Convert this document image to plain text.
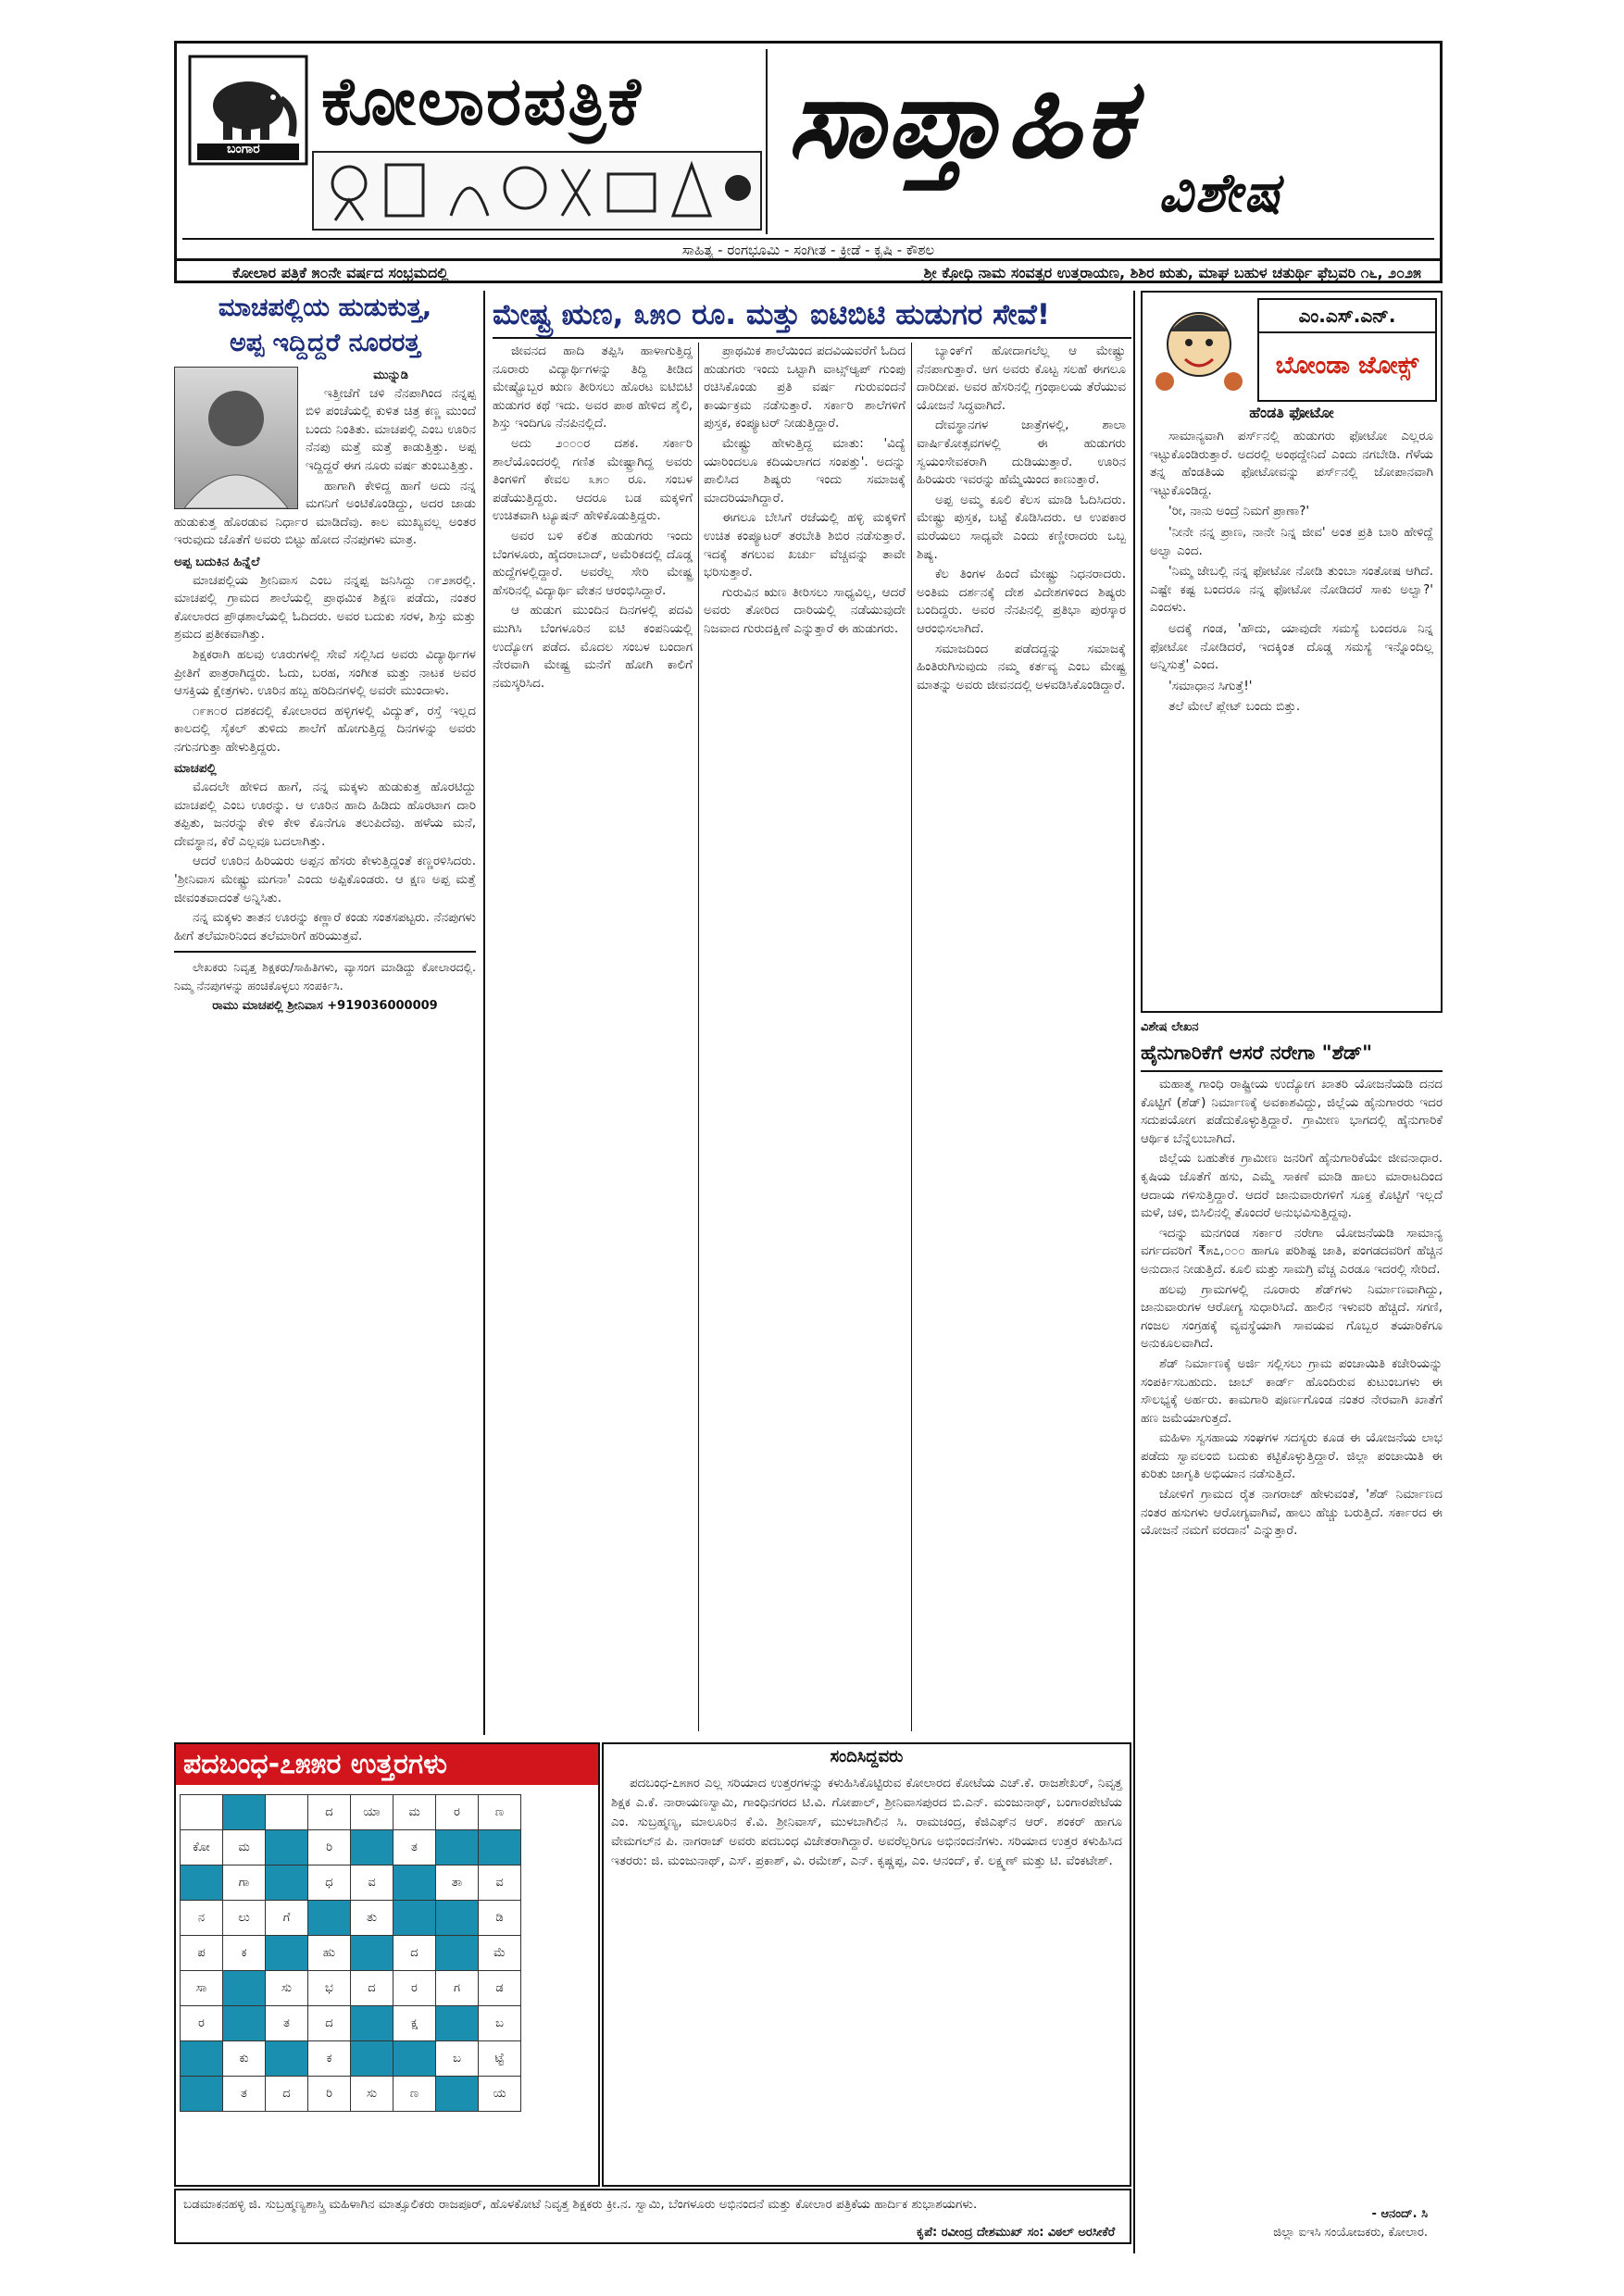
ಕೋಲಾರಪತ್ರಿಕೆ
ಬಂಗಾರ	ಸಾಪ್ತಾಹಿಕ
ವಿಶೇಷ
ಸಾಹಿತ್ಯ - ರಂಗಭೂಮಿ - ಸಂಗೀತ - ಕ್ರೀಡೆ - ಕೃಷಿ - ಕೌಶಲ
ಕೋಲಾರ ಪತ್ರಿಕೆ ೫೦ನೇ ವರ್ಷದ ಸಂಭ್ರಮದಲ್ಲಿ	ಶ್ರೀ ಕ್ರೋಧಿ ನಾಮ ಸಂವತ್ಸರ ಉತ್ತರಾಯಣ, ಶಿಶಿರ ಋತು, ಮಾಘ ಬಹುಳ ಚತುರ್ಥಿ ಫೆಬ್ರವರಿ ೧೬, ೨೦೨೫
ಮಾಚಪಲ್ಲಿಯ ಹುಡುಕುತ್ತ,
ಅಪ್ಪ ಇದ್ದಿದ್ದರೆ ನೂರರತ್ತ
ಮುನ್ನುಡಿ

ಇತ್ತೀಚೆಗೆ ಚಳಿ ನೆನಪಾಗಿಂದ ನನ್ನಪ್ಪ ಬಿಳಿ ಪಂಚೆಯಲ್ಲಿ ಕುಳಿತ ಚಿತ್ರ ಕಣ್ಣ ಮುಂದೆ ಬಂದು ನಿಂತಿತು. ಮಾಚಪಲ್ಲಿ ಎಂಬ ಊರಿನ ನೆನಪು ಮತ್ತೆ ಮತ್ತೆ ಕಾಡುತ್ತಿತ್ತು. ಅಪ್ಪ ಇದ್ದಿದ್ದರೆ ಈಗ ನೂರು ವರ್ಷ ತುಂಬುತ್ತಿತ್ತು.

ಹಾಗಾಗಿ ಕೇಳಿದ್ದ ಹಾಗೆ ಅದು ನನ್ನ ಮಗನಿಗೆ ಅಂಟಿಕೊಂಡಿದ್ದು, ಅದರ ಜಾಡು ಹುಡುಕುತ್ತ ಹೊರಡುವ ನಿರ್ಧಾರ ಮಾಡಿದೆವು. ಕಾಲ ಮುಖ್ಯವಲ್ಲ ಅಂತರ ಇರುವುದು ಜೊತೆಗೆ ಅವರು ಬಿಟ್ಟು ಹೋದ ನೆನಪುಗಳು ಮಾತ್ರ.

ಅಪ್ಪ ಬದುಕಿನ ಹಿನ್ನೆಲೆ

ಮಾಚಪಲ್ಲಿಯ ಶ್ರೀನಿವಾಸ ಎಂಬ ನನ್ನಪ್ಪ ಜನಿಸಿದ್ದು ೧೯೨೫ರಲ್ಲಿ. ಮಾಚಪಲ್ಲಿ ಗ್ರಾಮದ ಶಾಲೆಯಲ್ಲಿ ಪ್ರಾಥಮಿಕ ಶಿಕ್ಷಣ ಪಡೆದು, ನಂತರ ಕೋಲಾರದ ಪ್ರೌಢಶಾಲೆಯಲ್ಲಿ ಓದಿದರು. ಅವರ ಬದುಕು ಸರಳ, ಶಿಸ್ತು ಮತ್ತು ಶ್ರಮದ ಪ್ರತೀಕವಾಗಿತ್ತು.

ಶಿಕ್ಷಕರಾಗಿ ಹಲವು ಊರುಗಳಲ್ಲಿ ಸೇವೆ ಸಲ್ಲಿಸಿದ ಅವರು ವಿದ್ಯಾರ್ಥಿಗಳ ಪ್ರೀತಿಗೆ ಪಾತ್ರರಾಗಿದ್ದರು. ಓದು, ಬರಹ, ಸಂಗೀತ ಮತ್ತು ನಾಟಕ ಅವರ ಆಸಕ್ತಿಯ ಕ್ಷೇತ್ರಗಳು. ಊರಿನ ಹಬ್ಬ ಹರಿದಿನಗಳಲ್ಲಿ ಅವರೇ ಮುಂದಾಳು.

೧೯೫೦ರ ದಶಕದಲ್ಲಿ ಕೋಲಾರದ ಹಳ್ಳಿಗಳಲ್ಲಿ ವಿದ್ಯುತ್, ರಸ್ತೆ ಇಲ್ಲದ ಕಾಲದಲ್ಲಿ ಸೈಕಲ್ ತುಳಿದು ಶಾಲೆಗೆ ಹೋಗುತ್ತಿದ್ದ ದಿನಗಳನ್ನು ಅವರು ನಗುನಗುತ್ತಾ ಹೇಳುತ್ತಿದ್ದರು.

ಮಾಚಪಲ್ಲಿ

ಮೊದಲೇ ಹೇಳಿದ ಹಾಗೆ, ನನ್ನ ಮಕ್ಕಳು ಹುಡುಕುತ್ತ ಹೊರಟಿದ್ದು ಮಾಚಪಲ್ಲಿ ಎಂಬ ಊರನ್ನು. ಆ ಊರಿನ ಹಾದಿ ಹಿಡಿದು ಹೊರಟಾಗ ದಾರಿ ತಪ್ಪಿತು, ಜನರನ್ನು ಕೇಳಿ ಕೇಳಿ ಕೊನೆಗೂ ತಲುಪಿದೆವು. ಹಳೆಯ ಮನೆ, ದೇವಸ್ಥಾನ, ಕೆರೆ ಎಲ್ಲವೂ ಬದಲಾಗಿತ್ತು.

ಆದರೆ ಊರಿನ ಹಿರಿಯರು ಅಪ್ಪನ ಹೆಸರು ಕೇಳುತ್ತಿದ್ದಂತೆ ಕಣ್ಣರಳಿಸಿದರು. 'ಶ್ರೀನಿವಾಸ ಮೇಷ್ಟ್ರು ಮಗನಾ' ಎಂದು ಅಪ್ಪಿಕೊಂಡರು. ಆ ಕ್ಷಣ ಅಪ್ಪ ಮತ್ತೆ ಜೀವಂತವಾದಂತೆ ಅನ್ನಿಸಿತು.

ನನ್ನ ಮಕ್ಕಳು ತಾತನ ಊರನ್ನು ಕಣ್ಣಾರೆ ಕಂಡು ಸಂತಸಪಟ್ಟರು. ನೆನಪುಗಳು ಹೀಗೆ ತಲೆಮಾರಿನಿಂದ ತಲೆಮಾರಿಗೆ ಹರಿಯುತ್ತವೆ.

ಲೇಖಕರು ನಿವೃತ್ತ ಶಿಕ್ಷಕರು/ಸಾಹಿತಿಗಳು, ವ್ಯಾಸಂಗ ಮಾಡಿದ್ದು ಕೋಲಾರದಲ್ಲಿ. ನಿಮ್ಮ ನೆನಪುಗಳನ್ನು ಹಂಚಿಕೊಳ್ಳಲು ಸಂಪರ್ಕಿಸಿ.

ರಾಮು ಮಾಚಪಲ್ಲಿ ಶ್ರೀನಿವಾಸ +919036000009
ಮೇಷ್ಟ್ರ ಋಣ, ೩೫೦ ರೂ. ಮತ್ತು ಐಟಿಬಿಟಿ ಹುಡುಗರ ಸೇವೆ!

ಜೀವನದ ಹಾದಿ ತಪ್ಪಿಸಿ ಹಾಳಾಗುತ್ತಿದ್ದ ನೂರಾರು ವಿದ್ಯಾರ್ಥಿಗಳನ್ನು ತಿದ್ದಿ ತೀಡಿದ ಮೇಷ್ಟ್ರೊಬ್ಬರ ಋಣ ತೀರಿಸಲು ಹೊರಟ ಐಟಿಬಿಟಿ ಹುಡುಗರ ಕಥೆ ಇದು. ಅವರ ಪಾಠ ಹೇಳಿದ ಶೈಲಿ, ಶಿಸ್ತು ಇಂದಿಗೂ ನೆನಪಿನಲ್ಲಿದೆ.

ಅದು ೨೦೦೦ರ ದಶಕ. ಸರ್ಕಾರಿ ಶಾಲೆಯೊಂದರಲ್ಲಿ ಗಣಿತ ಮೇಷ್ಟ್ರಾಗಿದ್ದ ಅವರು ತಿಂಗಳಿಗೆ ಕೇವಲ ೩೫೦ ರೂ. ಸಂಬಳ ಪಡೆಯುತ್ತಿದ್ದರು. ಆದರೂ ಬಡ ಮಕ್ಕಳಿಗೆ ಉಚಿತವಾಗಿ ಟ್ಯೂಷನ್ ಹೇಳಿಕೊಡುತ್ತಿದ್ದರು.

ಅವರ ಬಳಿ ಕಲಿತ ಹುಡುಗರು ಇಂದು ಬೆಂಗಳೂರು, ಹೈದರಾಬಾದ್, ಅಮೆರಿಕದಲ್ಲಿ ದೊಡ್ಡ ಹುದ್ದೆಗಳಲ್ಲಿದ್ದಾರೆ. ಅವರೆಲ್ಲ ಸೇರಿ ಮೇಷ್ಟ್ರ ಹೆಸರಿನಲ್ಲಿ ವಿದ್ಯಾರ್ಥಿ ವೇತನ ಆರಂಭಿಸಿದ್ದಾರೆ.

ಆ ಹುಡುಗ ಮುಂದಿನ ದಿನಗಳಲ್ಲಿ ಪದವಿ ಮುಗಿಸಿ ಬೆಂಗಳೂರಿನ ಐಟಿ ಕಂಪನಿಯಲ್ಲಿ ಉದ್ಯೋಗ ಪಡೆದ. ಮೊದಲ ಸಂಬಳ ಬಂದಾಗ ನೇರವಾಗಿ ಮೇಷ್ಟ್ರ ಮನೆಗೆ ಹೋಗಿ ಕಾಲಿಗೆ ನಮಸ್ಕರಿಸಿದ.

ಪ್ರಾಥಮಿಕ ಶಾಲೆಯಿಂದ ಪದವಿಯವರೆಗೆ ಓದಿದ ಹುಡುಗರು ಇಂದು ಒಟ್ಟಾಗಿ ವಾಟ್ಸ್‌ಆ್ಯಪ್ ಗುಂಪು ರಚಿಸಿಕೊಂಡು ಪ್ರತಿ ವರ್ಷ ಗುರುವಂದನೆ ಕಾರ್ಯಕ್ರಮ ನಡೆಸುತ್ತಾರೆ. ಸರ್ಕಾರಿ ಶಾಲೆಗಳಿಗೆ ಪುಸ್ತಕ, ಕಂಪ್ಯೂಟರ್ ನೀಡುತ್ತಿದ್ದಾರೆ.

ಮೇಷ್ಟ್ರು ಹೇಳುತ್ತಿದ್ದ ಮಾತು: 'ವಿದ್ಯೆ ಯಾರಿಂದಲೂ ಕದಿಯಲಾಗದ ಸಂಪತ್ತು'. ಅದನ್ನು ಪಾಲಿಸಿದ ಶಿಷ್ಯರು ಇಂದು ಸಮಾಜಕ್ಕೆ ಮಾದರಿಯಾಗಿದ್ದಾರೆ.

ಈಗಲೂ ಬೇಸಿಗೆ ರಜೆಯಲ್ಲಿ ಹಳ್ಳಿ ಮಕ್ಕಳಿಗೆ ಉಚಿತ ಕಂಪ್ಯೂಟರ್ ತರಬೇತಿ ಶಿಬಿರ ನಡೆಸುತ್ತಾರೆ. ಇದಕ್ಕೆ ತಗಲುವ ಖರ್ಚು ವೆಚ್ಚವನ್ನು ತಾವೇ ಭರಿಸುತ್ತಾರೆ.

ಗುರುವಿನ ಋಣ ತೀರಿಸಲು ಸಾಧ್ಯವಿಲ್ಲ, ಆದರೆ ಅವರು ತೋರಿದ ದಾರಿಯಲ್ಲಿ ನಡೆಯುವುದೇ ನಿಜವಾದ ಗುರುದಕ್ಷಿಣೆ ಎನ್ನುತ್ತಾರೆ ಈ ಹುಡುಗರು.

ಬ್ಯಾಂಕ್‌ಗೆ ಹೋದಾಗಲೆಲ್ಲ ಆ ಮೇಷ್ಟ್ರು ನೆನಪಾಗುತ್ತಾರೆ. ಆಗ ಅವರು ಕೊಟ್ಟ ಸಲಹೆ ಈಗಲೂ ದಾರಿದೀಪ. ಅವರ ಹೆಸರಿನಲ್ಲಿ ಗ್ರಂಥಾಲಯ ತೆರೆಯುವ ಯೋಜನೆ ಸಿದ್ಧವಾಗಿದೆ.

ದೇವಸ್ಥಾನಗಳ ಜಾತ್ರೆಗಳಲ್ಲಿ, ಶಾಲಾ ವಾರ್ಷಿಕೋತ್ಸವಗಳಲ್ಲಿ ಈ ಹುಡುಗರು ಸ್ವಯಂಸೇವಕರಾಗಿ ದುಡಿಯುತ್ತಾರೆ. ಊರಿನ ಹಿರಿಯರು ಇವರನ್ನು ಹೆಮ್ಮೆಯಿಂದ ಕಾಣುತ್ತಾರೆ.

ಅಪ್ಪ ಅಮ್ಮ ಕೂಲಿ ಕೆಲಸ ಮಾಡಿ ಓದಿಸಿದರು. ಮೇಷ್ಟ್ರು ಪುಸ್ತಕ, ಬಟ್ಟೆ ಕೊಡಿಸಿದರು. ಆ ಉಪಕಾರ ಮರೆಯಲು ಸಾಧ್ಯವೇ ಎಂದು ಕಣ್ಣೀರಾದರು ಒಬ್ಬ ಶಿಷ್ಯ.

ಕೆಲ ತಿಂಗಳ ಹಿಂದೆ ಮೇಷ್ಟ್ರು ನಿಧನರಾದರು. ಅಂತಿಮ ದರ್ಶನಕ್ಕೆ ದೇಶ ವಿದೇಶಗಳಿಂದ ಶಿಷ್ಯರು ಬಂದಿದ್ದರು. ಅವರ ನೆನಪಿನಲ್ಲಿ ಪ್ರತಿಭಾ ಪುರಸ್ಕಾರ ಆರಂಭಿಸಲಾಗಿದೆ.

ಸಮಾಜದಿಂದ ಪಡೆದದ್ದನ್ನು ಸಮಾಜಕ್ಕೆ ಹಿಂತಿರುಗಿಸುವುದು ನಮ್ಮ ಕರ್ತವ್ಯ ಎಂಬ ಮೇಷ್ಟ್ರ ಮಾತನ್ನು ಅವರು ಜೀವನದಲ್ಲಿ ಅಳವಡಿಸಿಕೊಂಡಿದ್ದಾರೆ.

ಕೃಪೆ: ರವೀಂದ್ರ ದೇಶಮುಖ್ ಸಂ: ವಿಠಲ್ ಅರಸೀಕೆರೆ
ಎಂ.ಎಸ್.ಎನ್.
ಬೋಂಡಾ ಜೋಕ್ಸ್
ಹೆಂಡತಿ ಫೋಟೋ

ಸಾಮಾನ್ಯವಾಗಿ ಪರ್ಸ್‌ನಲ್ಲಿ ಹುಡುಗರು ಫೋಟೋ ಎಲ್ಲರೂ ಇಟ್ಟುಕೊಂಡಿರುತ್ತಾರೆ. ಅದರಲ್ಲಿ ಅಂಥದ್ದೇನಿದೆ ಎಂದು ನಗಬೇಡಿ. ಗೆಳೆಯ ತನ್ನ ಹೆಂಡತಿಯ ಫೋಟೋವನ್ನು ಪರ್ಸ್‌ನಲ್ಲಿ ಜೋಪಾನವಾಗಿ ಇಟ್ಟುಕೊಂಡಿದ್ದ.

'ರೀ, ನಾನು ಅಂದ್ರೆ ನಿಮಗೆ ಪ್ರಾಣಾ?'

'ನೀನೇ ನನ್ನ ಪ್ರಾಣ, ನಾನೇ ನಿನ್ನ ಜೀವ' ಅಂತ ಪ್ರತಿ ಬಾರಿ ಹೇಳಿದ್ದೆ ಅಲ್ವಾ ಎಂದ.

'ನಿಮ್ಮ ಜೇಬಲ್ಲಿ ನನ್ನ ಫೋಟೋ ನೋಡಿ ತುಂಬಾ ಸಂತೋಷ ಆಗಿದೆ. ಎಷ್ಟೇ ಕಷ್ಟ ಬಂದರೂ ನನ್ನ ಫೋಟೋ ನೋಡಿದರೆ ಸಾಕು ಅಲ್ವಾ?' ಎಂದಳು.

ಅದಕ್ಕೆ ಗಂಡ, 'ಹೌದು, ಯಾವುದೇ ಸಮಸ್ಯೆ ಬಂದರೂ ನಿನ್ನ ಫೋಟೋ ನೋಡಿದರೆ, ಇದಕ್ಕಿಂತ ದೊಡ್ಡ ಸಮಸ್ಯೆ ಇನ್ನೊಂದಿಲ್ಲ ಅನ್ನಿಸುತ್ತೆ' ಎಂದ.

'ಸಮಾಧಾನ ಸಿಗುತ್ತೆ!'

ತಲೆ ಮೇಲೆ ಪ್ಲೇಟ್ ಬಂದು ಬಿತ್ತು.

ವಿಶೇಷ ಲೇಖನ
ಹೈನುಗಾರಿಕೆಗೆ ಆಸರೆ ನರೇಗಾ "ಶೆಡ್"

ಮಹಾತ್ಮ ಗಾಂಧಿ ರಾಷ್ಟ್ರೀಯ ಉದ್ಯೋಗ ಖಾತರಿ ಯೋಜನೆಯಡಿ ದನದ ಕೊಟ್ಟಿಗೆ (ಶೆಡ್) ನಿರ್ಮಾಣಕ್ಕೆ ಅವಕಾಶವಿದ್ದು, ಜಿಲ್ಲೆಯ ಹೈನುಗಾರರು ಇದರ ಸದುಪಯೋಗ ಪಡೆದುಕೊಳ್ಳುತ್ತಿದ್ದಾರೆ. ಗ್ರಾಮೀಣ ಭಾಗದಲ್ಲಿ ಹೈನುಗಾರಿಕೆ ಆರ್ಥಿಕ ಬೆನ್ನೆಲುಬಾಗಿದೆ.

ಜಿಲ್ಲೆಯ ಬಹುತೇಕ ಗ್ರಾಮೀಣ ಜನರಿಗೆ ಹೈನುಗಾರಿಕೆಯೇ ಜೀವನಾಧಾರ. ಕೃಷಿಯ ಜೊತೆಗೆ ಹಸು, ಎಮ್ಮೆ ಸಾಕಣೆ ಮಾಡಿ ಹಾಲು ಮಾರಾಟದಿಂದ ಆದಾಯ ಗಳಿಸುತ್ತಿದ್ದಾರೆ. ಆದರೆ ಜಾನುವಾರುಗಳಿಗೆ ಸೂಕ್ತ ಕೊಟ್ಟಿಗೆ ಇಲ್ಲದೆ ಮಳೆ, ಚಳಿ, ಬಿಸಿಲಿನಲ್ಲಿ ತೊಂದರೆ ಅನುಭವಿಸುತ್ತಿದ್ದವು.

ಇದನ್ನು ಮನಗಂಡ ಸರ್ಕಾರ ನರೇಗಾ ಯೋಜನೆಯಡಿ ಸಾಮಾನ್ಯ ವರ್ಗದವರಿಗೆ ₹೫೭,೦೦೦ ಹಾಗೂ ಪರಿಶಿಷ್ಟ ಜಾತಿ, ಪಂಗಡದವರಿಗೆ ಹೆಚ್ಚಿನ ಅನುದಾನ ನೀಡುತ್ತಿದೆ. ಕೂಲಿ ಮತ್ತು ಸಾಮಗ್ರಿ ವೆಚ್ಚ ಎರಡೂ ಇದರಲ್ಲಿ ಸೇರಿದೆ.

ಹಲವು ಗ್ರಾಮಗಳಲ್ಲಿ ನೂರಾರು ಶೆಡ್‌ಗಳು ನಿರ್ಮಾಣವಾಗಿದ್ದು, ಜಾನುವಾರುಗಳ ಆರೋಗ್ಯ ಸುಧಾರಿಸಿದೆ. ಹಾಲಿನ ಇಳುವರಿ ಹೆಚ್ಚಿದೆ. ಸಗಣಿ, ಗಂಜಲ ಸಂಗ್ರಹಕ್ಕೆ ವ್ಯವಸ್ಥೆಯಾಗಿ ಸಾವಯವ ಗೊಬ್ಬರ ತಯಾರಿಕೆಗೂ ಅನುಕೂಲವಾಗಿದೆ.

ಶೆಡ್ ನಿರ್ಮಾಣಕ್ಕೆ ಅರ್ಜಿ ಸಲ್ಲಿಸಲು ಗ್ರಾಮ ಪಂಚಾಯಿತಿ ಕಚೇರಿಯನ್ನು ಸಂಪರ್ಕಿಸಬಹುದು. ಜಾಬ್ ಕಾರ್ಡ್ ಹೊಂದಿರುವ ಕುಟುಂಬಗಳು ಈ ಸೌಲಭ್ಯಕ್ಕೆ ಅರ್ಹರು. ಕಾಮಗಾರಿ ಪೂರ್ಣಗೊಂಡ ನಂತರ ನೇರವಾಗಿ ಖಾತೆಗೆ ಹಣ ಜಮೆಯಾಗುತ್ತದೆ.

ಮಹಿಳಾ ಸ್ವಸಹಾಯ ಸಂಘಗಳ ಸದಸ್ಯರು ಕೂಡ ಈ ಯೋಜನೆಯ ಲಾಭ ಪಡೆದು ಸ್ವಾವಲಂಬಿ ಬದುಕು ಕಟ್ಟಿಕೊಳ್ಳುತ್ತಿದ್ದಾರೆ. ಜಿಲ್ಲಾ ಪಂಚಾಯಿತಿ ಈ ಕುರಿತು ಜಾಗೃತಿ ಅಭಿಯಾನ ನಡೆಸುತ್ತಿದೆ.

ಜೋಳಿಗೆ ಗ್ರಾಮದ ರೈತ ನಾಗರಾಜ್ ಹೇಳುವಂತೆ, 'ಶೆಡ್ ನಿರ್ಮಾಣದ ನಂತರ ಹಸುಗಳು ಆರೋಗ್ಯವಾಗಿವೆ, ಹಾಲು ಹೆಚ್ಚು ಬರುತ್ತಿದೆ. ಸರ್ಕಾರದ ಈ ಯೋಜನೆ ನಮಗೆ ವರದಾನ' ಎನ್ನುತ್ತಾರೆ.

- ಆನಂದ್. ಸಿ
ಜಿಲ್ಲಾ ಐಇಸಿ ಸಂಯೋಜಕರು, ಕೋಲಾರ.
ಪದಬಂಧ-೭೫೫ರ ಉತ್ತರಗಳು
			ದ	ಯಾ	ಮ	ರ	ಣ
ಕೋ	ಮ		ರಿ		ತ		
	ಗಾ		ಧ	ವ		ತಾ	ವ
ನ	ಲು	ಗೆ		ತು			ಡಿ
ಪ	ಕ		ಹು		ದ		ಮೆ
ಸಾ		ಸು	ಭ	ದ	ರ	ಗ	ಡ
ರ		ತ	ದ		ಕ್ಷ		ಬ
	ಕು		ಕ			ಬ	ಟ್ಟೆ
	ತ	ದ	ರಿ	ಸು	ಣ		ಯ
ಸಂದಿಸಿದ್ದವರು
ಪದಬಂಧ-೭೫೫ರ ಎಲ್ಲ ಸರಿಯಾದ ಉತ್ತರಗಳನ್ನು ಕಳುಹಿಸಿಕೊಟ್ಟಿರುವ ಕೋಲಾರದ ಕೋಟೆಯ ಎಚ್.ಕೆ. ರಾಜಶೇಖರ್, ನಿವೃತ್ತ ಶಿಕ್ಷಕ ಎ.ಕೆ. ನಾರಾಯಣಸ್ವಾಮಿ, ಗಾಂಧಿನಗರದ ಟಿ.ವಿ. ಗೋಪಾಲ್, ಶ್ರೀನಿವಾಸಪುರದ ಬಿ.ಎನ್. ಮಂಜುನಾಥ್, ಬಂಗಾರಪೇಟೆಯ ಎಂ. ಸುಬ್ರಹ್ಮಣ್ಯ, ಮಾಲೂರಿನ ಕೆ.ವಿ. ಶ್ರೀನಿವಾಸ್, ಮುಳಬಾಗಿಲಿನ ಸಿ. ರಾಮಚಂದ್ರ, ಕೆಜಿಎಫ್‌ನ ಆರ್. ಶಂಕರ್ ಹಾಗೂ ವೇಮಗಲ್‌ನ ಪಿ. ನಾಗರಾಜ್ ಅವರು ಪದಬಂಧ ವಿಜೇತರಾಗಿದ್ದಾರೆ. ಅವರೆಲ್ಲರಿಗೂ ಅಭಿನಂದನೆಗಳು. ಸರಿಯಾದ ಉತ್ತರ ಕಳುಹಿಸಿದ ಇತರರು: ಜಿ. ಮಂಜುನಾಥ್, ಎಸ್. ಪ್ರಕಾಶ್, ವಿ. ರಮೇಶ್, ಎನ್. ಕೃಷ್ಣಪ್ಪ, ಎಂ. ಆನಂದ್, ಕೆ. ಲಕ್ಷ್ಮಣ್ ಮತ್ತು ಟಿ. ವೆಂಕಟೇಶ್.
ಬಡಮಾಕನಹಳ್ಳಿ ಜಿ. ಸುಬ್ರಹ್ಮಣ್ಯಶಾಸ್ತ್ರಿ ಮಹಿಳಾಗಿನ ಮಾತ್ಸೂಲಿಕರು ರಾಜಪೂರ್, ಹೊಳಕೋಟೆ ನಿವೃತ್ತ ಶಿಕ್ಷಕರು ಕ್ರೀ.ನ. ಸ್ವಾಮಿ, ಬೆಂಗಳೂರು ಅಭಿನಂದನೆ ಮತ್ತು ಕೋಲಾರ ಪತ್ರಿಕೆಯ ಹಾರ್ದಿಕ ಶುಭಾಶಯಗಳು.
